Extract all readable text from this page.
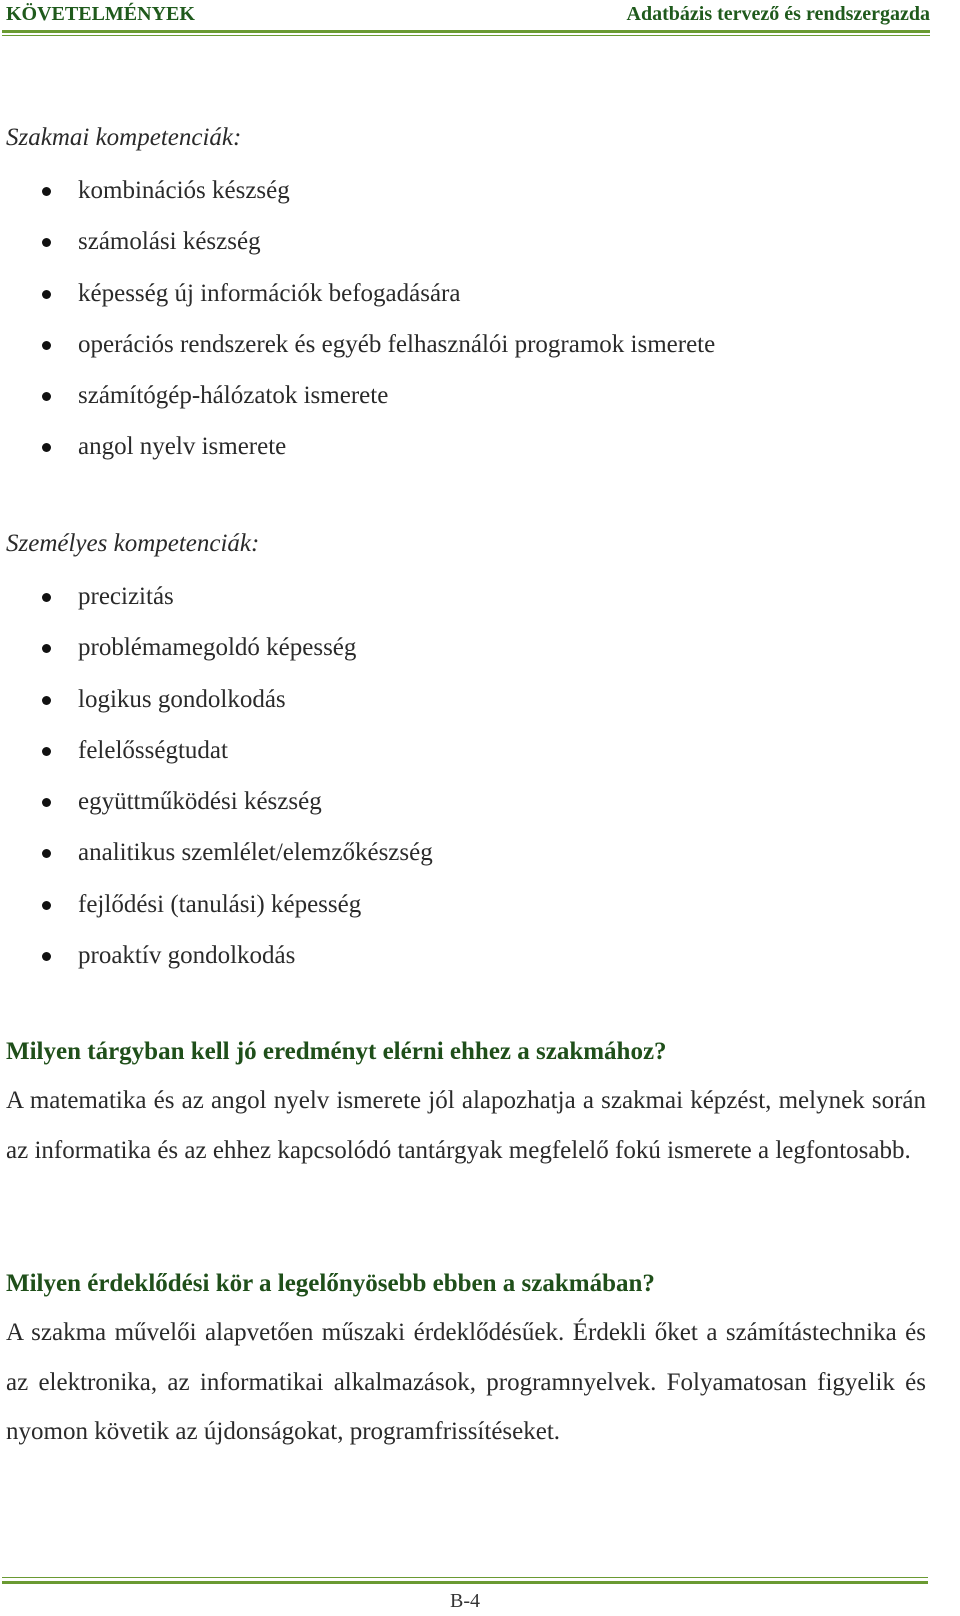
KÖVETELMÉNYEK	Adatbázis tervező és rendszergazda
Szakmai kompetenciák:
kombinációs készség
számolási készség
képesség új információk befogadására
operációs rendszerek és egyéb felhasználói programok ismerete
számítógép-hálózatok ismerete
angol nyelv ismerete
Személyes kompetenciák:
precizitás
problémamegoldó képesség
logikus gondolkodás
felelősségtudat
együttműködési készség
analitikus szemlélet/elemzőkészség
fejlődési (tanulási) képesség
proaktív gondolkodás
Milyen tárgyban kell jó eredményt elérni ehhez a szakmához?

A matematika és az angol nyelv ismerete jól alapozhatja a szakmai képzést, melynek során az informatika és az ehhez kapcsolódó tantárgyak megfelelő fokú ismerete a legfontosabb.

Milyen érdeklődési kör a legelőnyösebb ebben a szakmában?

A szakma művelői alapvetően műszaki érdeklődésűek. Érdekli őket a számítástechnika és az elektronika, az informatikai alkalmazások, programnyelvek. Folyamatosan figyelik és nyomon követik az újdonságokat, programfrissítéseket.

B-4
